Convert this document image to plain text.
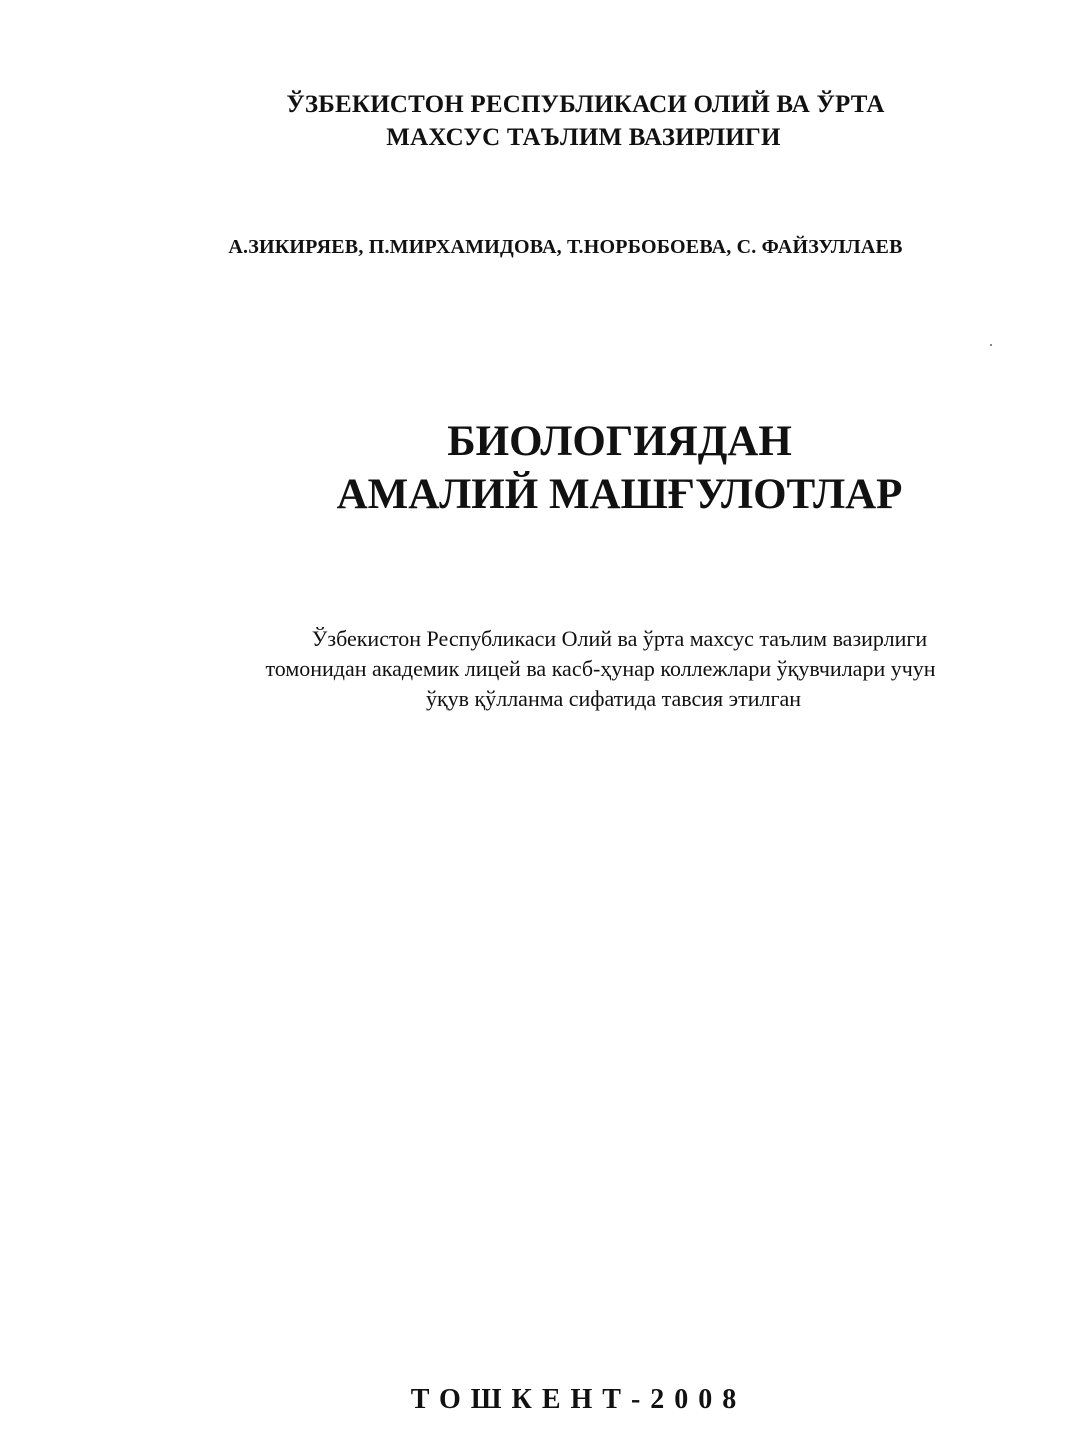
ЎЗБЕКИСТОН РЕСПУБЛИКАСИ ОЛИЙ ВА ЎРТА
МАХСУС ТАЪЛИМ ВАЗИРЛИГИ
А.ЗИКИРЯЕВ, П.МИРХАМИДОВА, Т.НОРБОБОЕВА, С. ФАЙЗУЛЛАЕВ
БИОЛОГИЯДАН
АМАЛИЙ МАШҒУЛОТЛАР
Ўзбекистон Республикаси Олий ва ўрта махсус таълим вазирлиги
томонидан академик лицей ва касб-ҳунар коллежлари ўқувчилари учун
ўқув қўлланма сифатида тавсия этилган
ТОШКЕНТ-2008
